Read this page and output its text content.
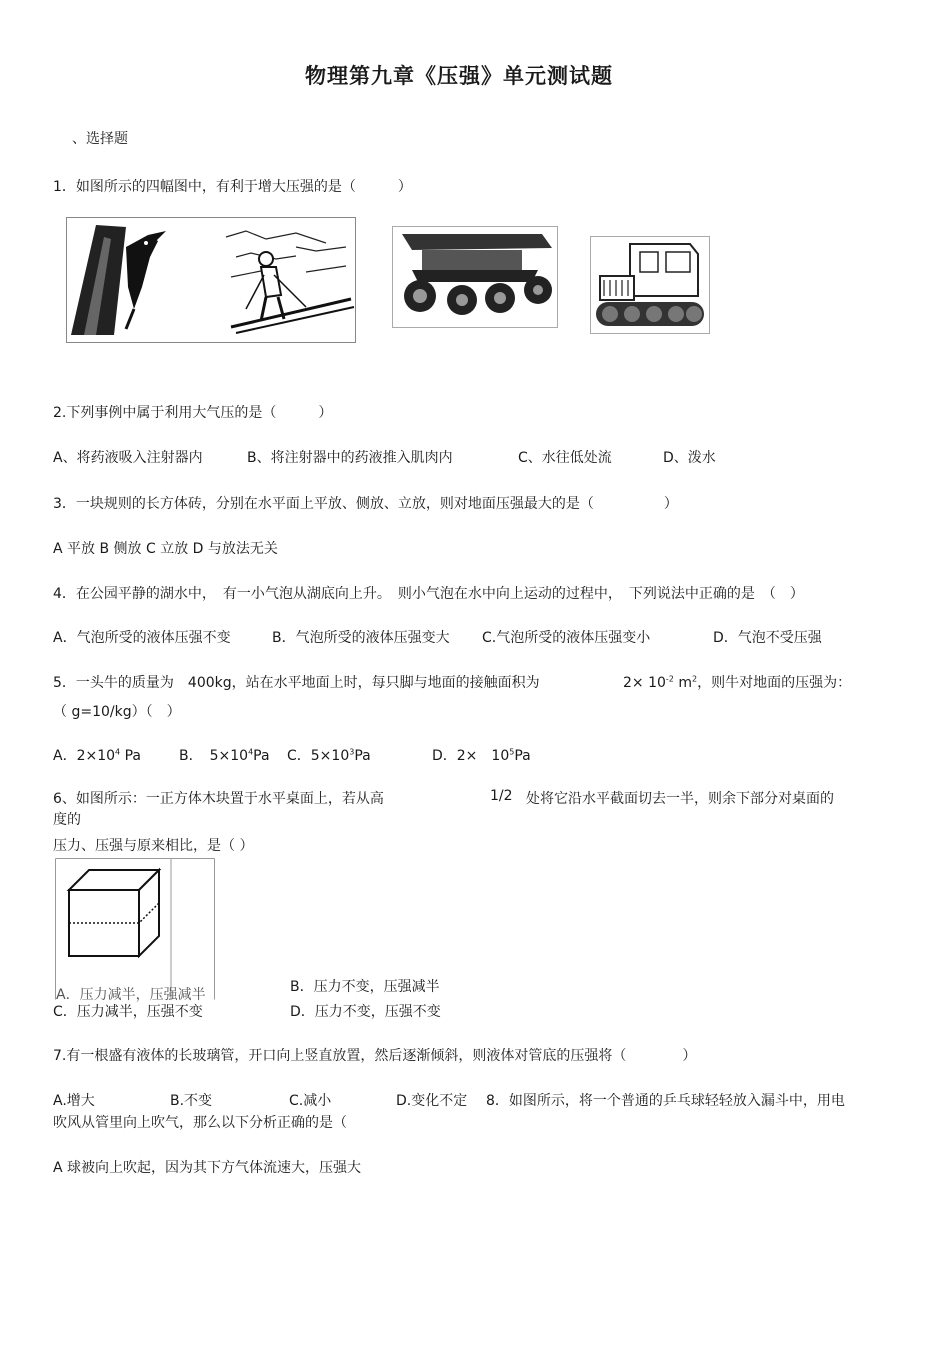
物理第九章《压强》单元测试题
、选择题
1．如图所示的四幅图中，有利于增大压强的是（　　　）
2.下列事例中属于利用大气压的是（　　　）
A、将药液吸入注射器内	B、将注射器中的药液推入肌肉内	C、水往低处流	D、泼水
3．一块规则的长方体砖，分别在水平面上平放、侧放、立放，则对地面压强最大的是（　　　　　）
A 平放 B 侧放 C 立放 D 与放法无关
4．在公园平静的湖水中，　有一小气泡从湖底向上升。　则小气泡在水中向上运动的过程中，　下列说法中正确的是　（　）
A．气泡所受的液体压强不变	B．气泡所受的液体压强变大 C.气泡所受的液体压强变小	D．气泡不受压强
5．一头牛的质量为　400kg，站在水平地面上时，每只脚与地面的接触面积为	$2\times 10^{-2}$ $m^2$，则牛对地面的压强为：
（ g=10/kg）（　）
A．$2\times 10^4$ Pa	B．　$5\times 10^4Pa$ C．$5\times 10^3Pa$	D．2×　$10^5Pa$
6、如图所示：一正方体木块置于水平桌面上，若从高	1/2 处将它沿水平截面切去一半，则余下部分对桌面的
度的
压力、压强与原来相比，是（ ）
A．压力减半，压强减半	B．压力不变，压强减半
C．压力减半，压强不变	D．压力不变，压强不变
7.有一根盛有液体的长玻璃管，开口向上竖直放置，然后逐渐倾斜，则液体对管底的压强将（　　　　）
A.增大	B.不变	C.减小	D.变化不定 8．如图所示，将一个普通的乒乓球轻轻放入漏斗中，用电
吹风从管里向上吹气，那么以下分析正确的是（
A 球被向上吹起，因为其下方气体流速大，压强大
